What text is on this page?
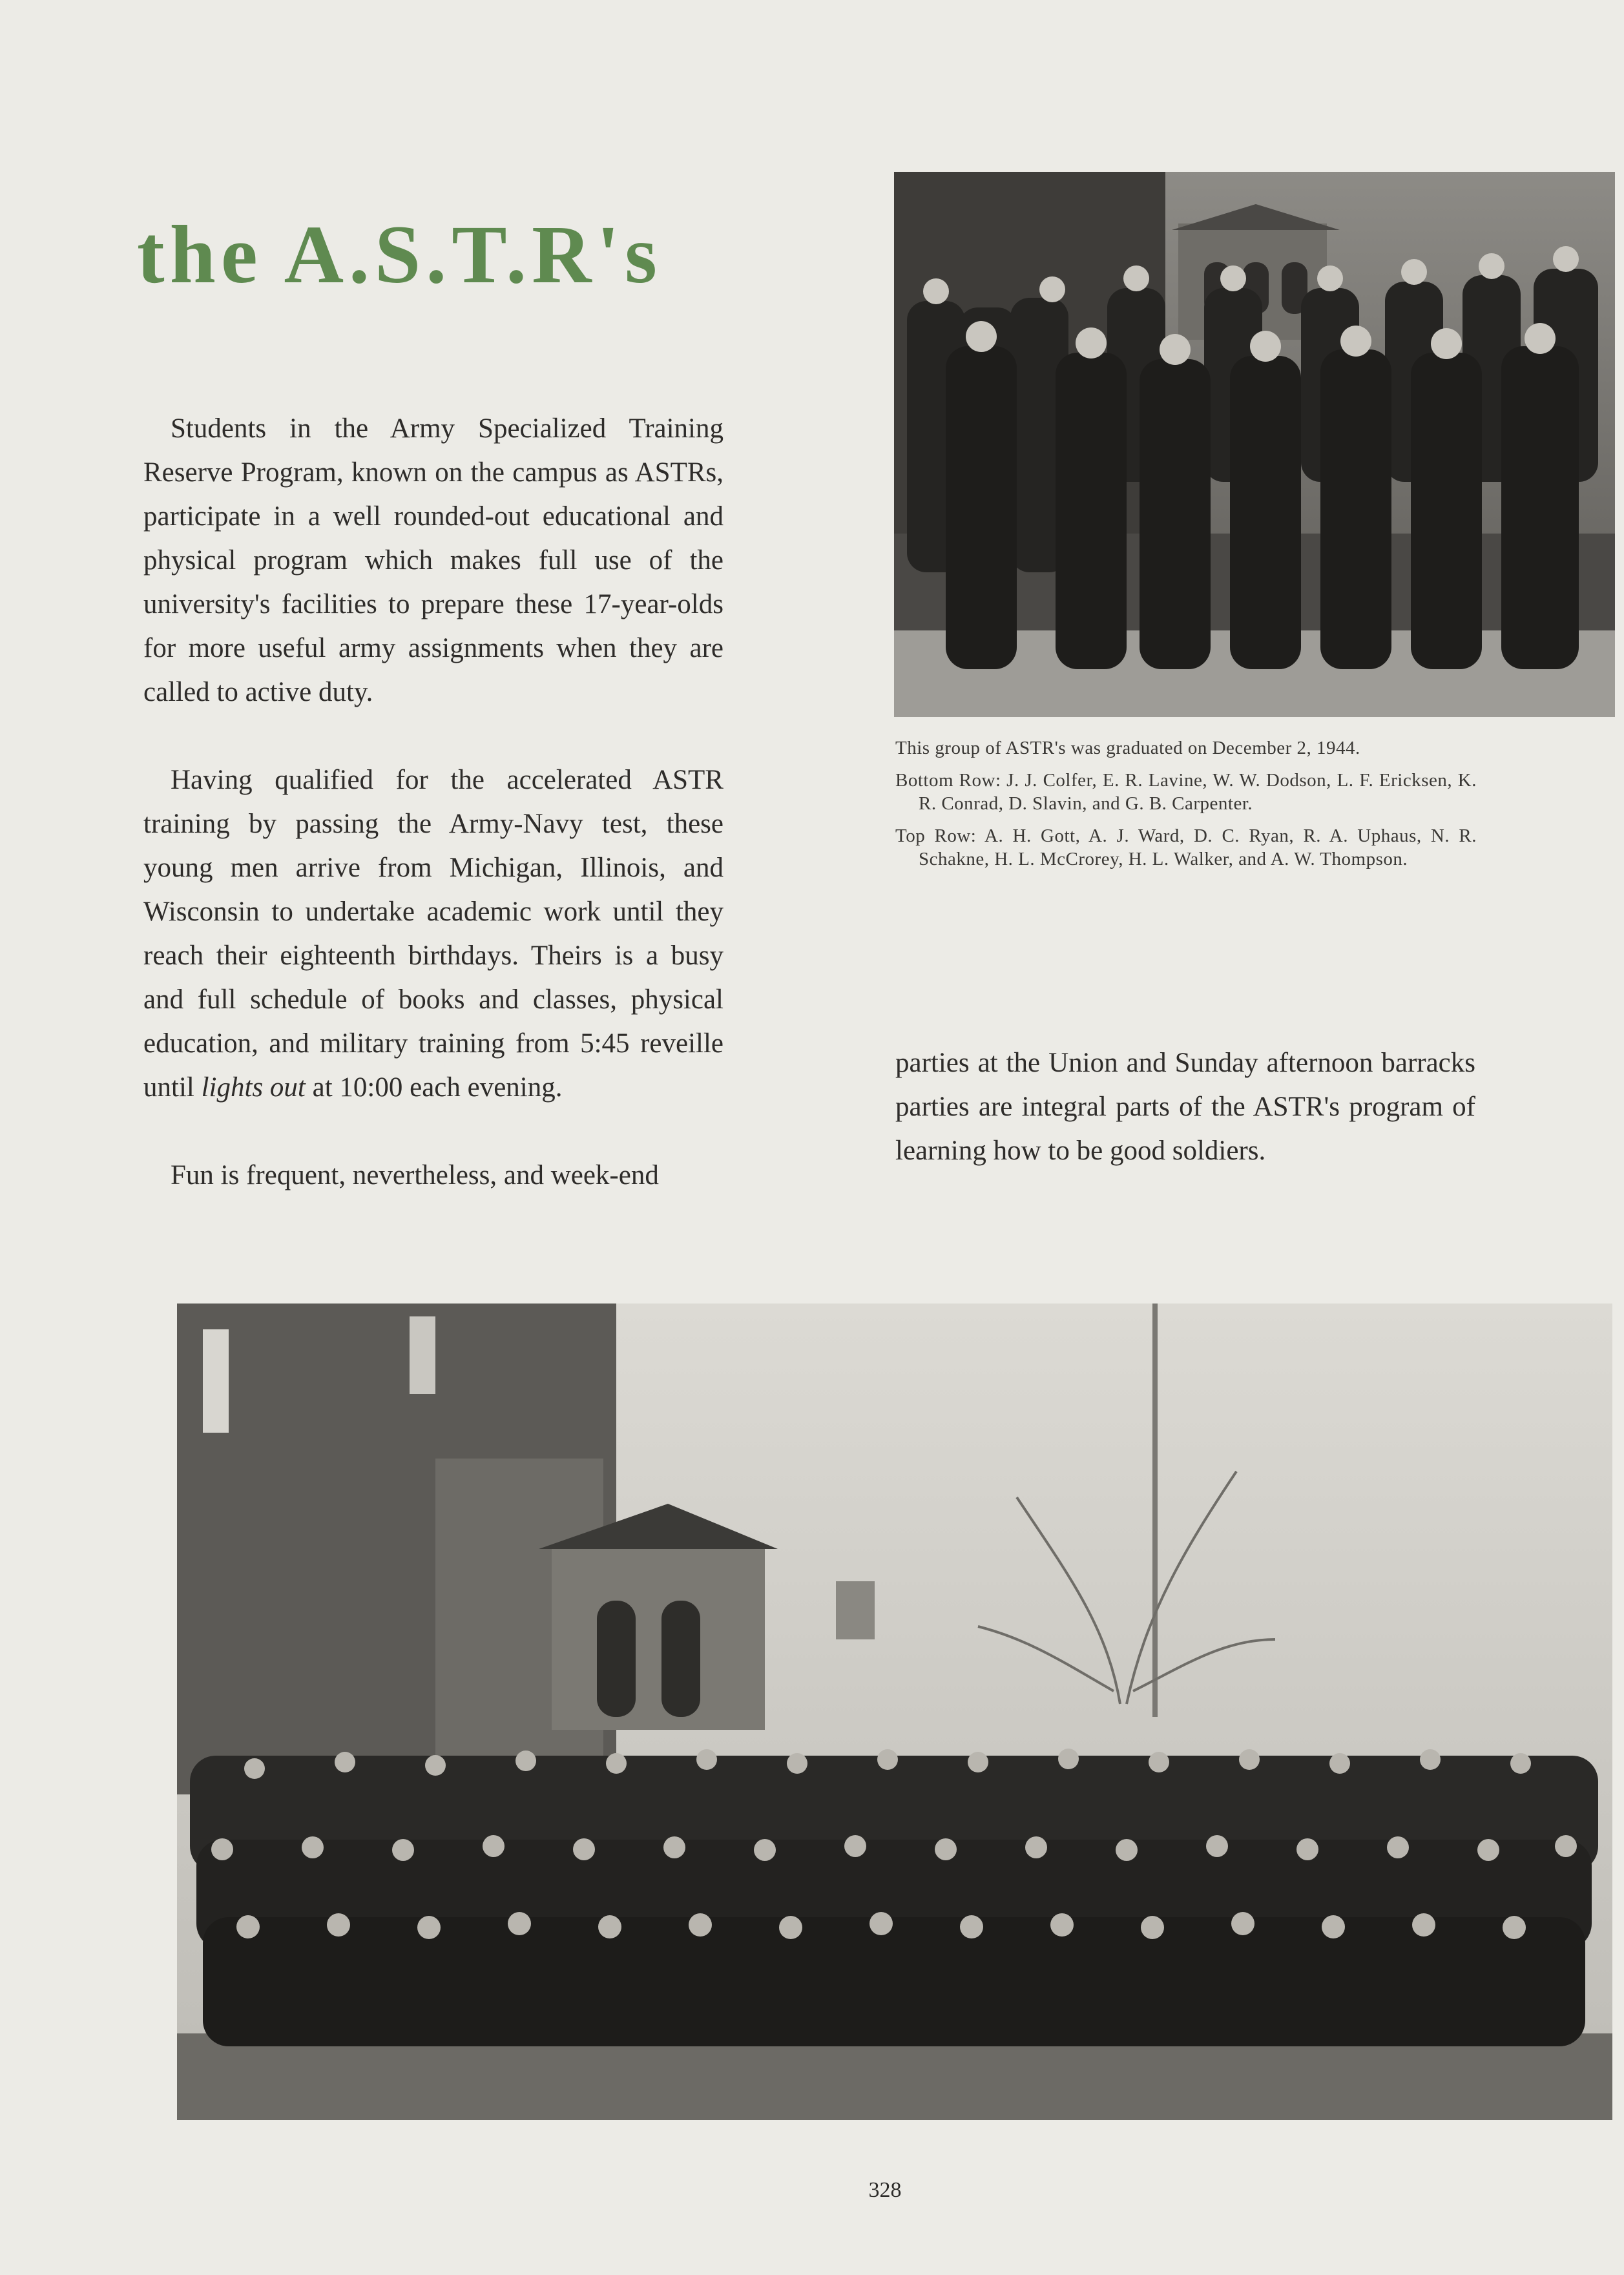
the A.S.T.R's

This group of ASTR's was graduated on December 2, 1944.

Bottom Row: J. J. Colfer, E. R. Lavine, W. W. Dodson, L. F. Ericksen, K. R. Conrad, D. Slavin, and G. B. Carpenter.

Top Row: A. H. Gott, A. J. Ward, D. C. Ryan, R. A. Uphaus, N. R. Schakne, H. L. McCrorey, H. L. Walker, and A. W. Thompson.

Students in the Army Specialized Training Reserve Program, known on the campus as ASTRs, participate in a well rounded-out educational and physical program which makes full use of the university's facilities to prepare these 17-year-olds for more useful army assignments when they are called to active duty.

Having qualified for the accelerated ASTR training by passing the Army-Navy test, these young men arrive from Michigan, Illinois, and Wisconsin to undertake academic work until they reach their eighteenth birthdays. Theirs is a busy and full schedule of books and classes, physical education, and military training from 5:45 reveille until lights out at 10:00 each evening.

Fun is frequent, nevertheless, and week-end

parties at the Union and Sunday afternoon barracks parties are integral parts of the ASTR's program of learning how to be good soldiers.

328
